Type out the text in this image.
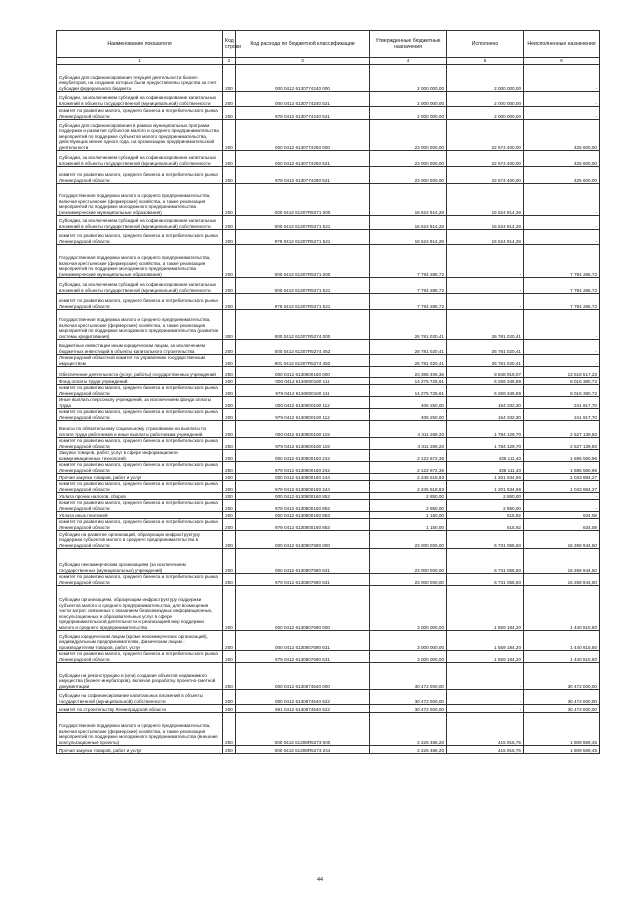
Наименование показателя	Код строки	Код расхода по бюджетной классификации	Утвержденные бюджетные назначения	Исполнено	Неисполненные назначения
1	2	3	4	5	6
Субсидии для софинансирования текущей деятельности бизнес-инкубаторов, на создание которых были предоставлены средства за счет субсидии федерального бюджета	200	000 0412 6130774240 000	2 000 000,00	2 000 000,00	-
Субсидии, за исключением субсидий на софинансирование капитальных вложений в объекты государственной (муниципальной) собственности	200	000 0412 6130774240 521	2 000 000,00	2 000 000,00	-
комитет по развитию малого, среднего бизнеса и потребительского рынка Ленинградской области	200	979 0412 6130774240 521	2 000 000,00	2 000 000,00	-
Субсидии для софинансирования в рамках муниципальных программ поддержки и развития субъектов малого и среднего предпринимательства мероприятий по поддержке субъектов малого предпринимательства, действующих менее одного года, на организацию предпринимательской деятельности	200	000 0412 6130774260 000	23 000 000,00	22 574 400,00	425 600,00
Субсидии, за исключением субсидий на софинансирование капитальных вложений в объекты государственной (муниципальной) собственности	200	000 0412 6130774260 521	23 000 000,00	22 574 400,00	425 600,00
комитет по развитию малого, среднего бизнеса и потребительского рынка Ленинградской области	200	979 0412 6130774260 521	23 000 000,00	22 574 400,00	425 600,00
Государственная поддержка малого и среднего предпринимательства, включая крестьянские (фермерские) хозяйства, а также реализация мероприятий по поддержке молодежного предпринимательства (некоммерческие муниципальные образования)	200	000 0412 61307R5271 000	16 524 914,28	16 524 914,28	-
Субсидии, за исключением субсидий на софинансирование капитальных вложений в объекты государственной (муниципальной) собственности	200	000 0412 61307R5271 521	16 524 914,28	16 524 914,28	-
комитет по развитию малого, среднего бизнеса и потребительского рынка Ленинградской области	200	979 0412 61307R5271 521	16 524 914,28	16 524 914,28	-
Государственная поддержка малого и среднего предпринимательства, включая крестьянские (фермерские) хозяйства, а также реализация мероприятий по поддержке молодежного предпринимательства (некоммерческие муниципальные образования)	200	000 0412 61307R5271 000	7 794 285,72	-	7 794 285,72
Субсидии, за исключением субсидий на софинансирование капитальных вложений в объекты государственной (муниципальной) собственности	200	000 0412 61307R5271 521	7 794 285,72	-	7 794 285,72
комитет по развитию малого, среднего бизнеса и потребительского рынка Ленинградской области	200	979 0412 61307R5271 521	7 794 285,72	-	7 794 285,72
Государственная поддержка малого и среднего предпринимательства, включая крестьянские (фермерские) хозяйства, а также реализация мероприятий по поддержке молодежного предпринимательства (развитие системы кредитования)	300	000 0412 61307R5274 000	26 781 020,41	26 781 020,41	-
Бюджетные инвестиции иным юридическим лицам, за исключением бюджетных инвестиций в объекты капитального строительства	200	000 0412 61307R5274 452	26 781 020,41	26 781 020,41	-
Ленинградский областной комитет по управлению государственным имуществом	200	801 0412 61307R5274 452	26 781 020,41	26 781 020,41	-
Обеспечение деятельности (услуг, работы) государственных учреждений	200	000 0412 6130800160 000	23 365 406,36	9 848 919,07	13 516 517,23
Фонд оплаты труда учреждений	200	000 0412 6130800160 111	14 275 725,61	6 259 346,89	8 016 380,72
комитет по развитию малого, среднего бизнеса и потребительского рынка Ленинградской области	200	979 0412 6130800160 111	14 275 725,61	6 259 346,89	8 016 380,72
Иные выплаты персоналу учреждений, за исключением фонда оплаты труда	200	000 0412 6130800160 112	406 250,00	164 332,30	241 917,70
комитет по развитию малого, среднего бизнеса и потребительского рынка Ленинградской области	200	979 0412 6130800160 112	406 250,00	164 332,30	241 917,70
Взносы по обязательному социальному страхованию на выплаты по оплате труда работников и иные выплаты работникам учреждений	200	000 0412 6130800160 119	4 311 269,20	1 784 129,70	2 527 139,50
комитет по развитию малого, среднего бизнеса и потребительского рынка Ленинградской области	200	979 0412 6130800160 119	4 311 269,20	1 784 129,70	2 527 139,50
Закупка товаров, работ, услуг в сфере информационно-коммуникационных технологий	200	000 0412 6130800160 242	2 122 672,36	436 111,40	1 686 560,96
комитет по развитию малого, среднего бизнеса и потребительского рынка Ленинградской области	200	979 0412 6130800160 242	2 122 672,36	436 111,40	1 686 560,96
Прочая закупка товаров, работ и услуг	200	000 0412 6130800160 244	2 245 518,93	1 201 634,66	1 043 884,27
комитет по развитию малого, среднего бизнеса и потребительского рынка Ленинградской области	200	979 0412 6130800160 244	2 245 518,93	1 201 634,66	1 043 884,27
Уплата прочих налогов, сборов	200	000 0412 6130800160 852	2 850,00	2 850,00	-
комитет по развитию малого, среднего бизнеса и потребительского рынка Ленинградской области	200	979 0412 6130800160 852	2 850,00	2 850,00	-
Уплата иных платежей	200	000 0412 6130800160 853	1 150,00	515,92	634,08
комитет по развитию малого, среднего бизнеса и потребительского рынка Ленинградской области	200	979 0412 6130800160 853	1 150,00	515,92	634,08
Субсидии на развитие организаций, образующих инфраструктуру поддержки субъектов малого и среднего предпринимательства в Ленинградской области	200	000 0412 6130807680 000	23 000 000,00	6 731 055,50	16 268 944,50
Субсидии некоммерческим организациям (за исключением государственных (муниципальных) учреждений)	200	000 0412 6130807680 631	23 000 000,00	6 731 055,50	16 268 944,50
комитет по развитию малого, среднего бизнеса и потребительского рынка Ленинградской области	200	979 0412 6130807680 631	23 000 000,00	6 731 055,50	16 268 944,50
Субсидии организациям, образующим инфраструктуру поддержки субъектов малого и среднего предпринимательства, для возмещения части затрат, связанных с оказанием безвозмездных информационных, консультационных и образовательных услуг в сфере предпринимательской деятельности и реализацией мер поддержки малого и среднего предпринимательства	200	000 0412 6130807690 000	3 000 000,00	1 559 184,20	1 440 815,80
Субсидии юридическим лицам (кроме некоммерческих организаций), индивидуальным предпринимателям, физическим лицам - производителям товаров, работ, услуг	200	000 0412 6130807690 631	3 000 000,00	1 559 184,20	1 440 815,80
комитет по развитию малого, среднего бизнеса и потребительского рынка Ленинградской области	200	979 0412 6130807690 631	3 000 000,00	1 559 184,20	1 440 815,80
Субсидии на реконструкцию и (или) создание объектов недвижимого имущества (бизнес-инкубаторов), включая разработку проектно-сметной документации	200	000 0412 6130874540 000	30 472 000,00	-	30 472 000,00
Субсидии на софинансирование капитальных вложений в объекты государственной (муниципальной) собственности	200	000 0412 6130874540 522	30 472 000,00	-	30 472 000,00
комитет по строительству Ленинградской области	200	961 0412 6130874540 522	30 472 000,00	-	30 472 000,00
Государственная поддержка малого и среднего предпринимательства, включая крестьянские (фермерские) хозяйства, а также реализация мероприятий по поддержке молодежного предпринимательства (внешние консультационные проекты)	200	000 0412 61308R5273 000	2 225 486,20	415 916,75	1 809 569,45
Прочая закупка товаров, работ и услуг	200	000 0412 61308R5273 244	2 225 486,20	415 916,75	1 809 569,45
44
